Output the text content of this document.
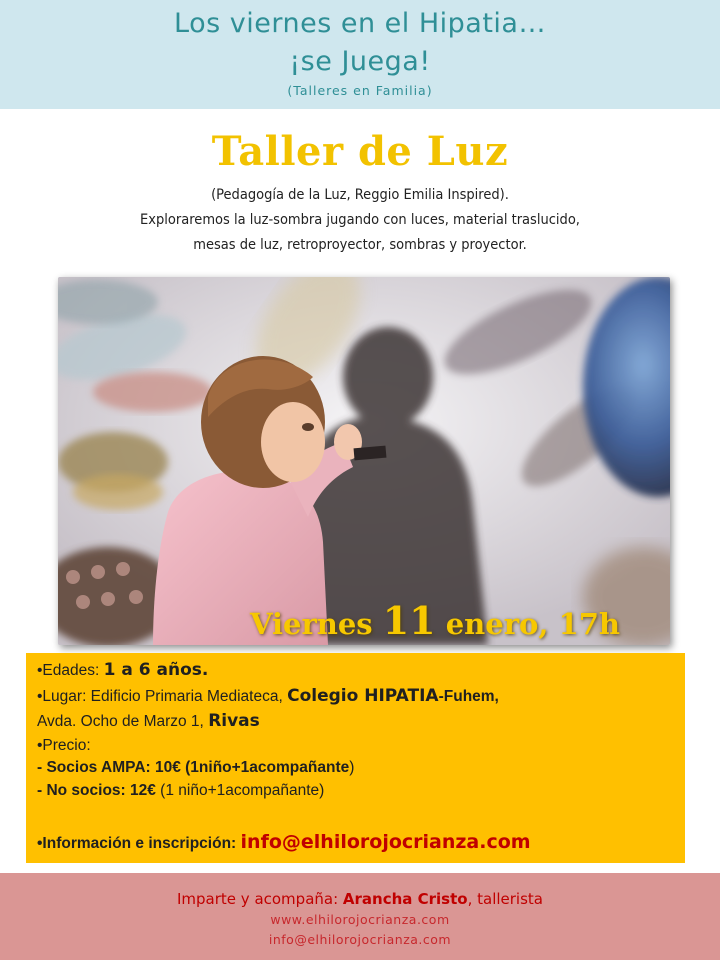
Los viernes en el Hipatia…
¡se Juega!
(Talleres en Familia)
Taller de Luz
(Pedagogía de la Luz, Reggio Emilia Inspired).
Exploraremos la luz-sombra jugando con luces, material traslucido,
mesas de luz, retroproyector, sombras y proyector.
Viernes 11 enero, 17h
•Edades: 1 a 6 años.
•Lugar: Edificio Primaria Mediateca, Colegio HIPATIA-Fuhem,
Avda. Ocho de Marzo 1, Rivas
•Precio:
- Socios AMPA: 10€ (1niño+1acompañante)
- No socios: 12€ (1 niño+1acompañante)
•Información e inscripción: info@elhilorojocrianza.com
Imparte y acompaña: Arancha Cristo, tallerista
www.elhilorojocrianza.com
info@elhilorojocrianza.com
